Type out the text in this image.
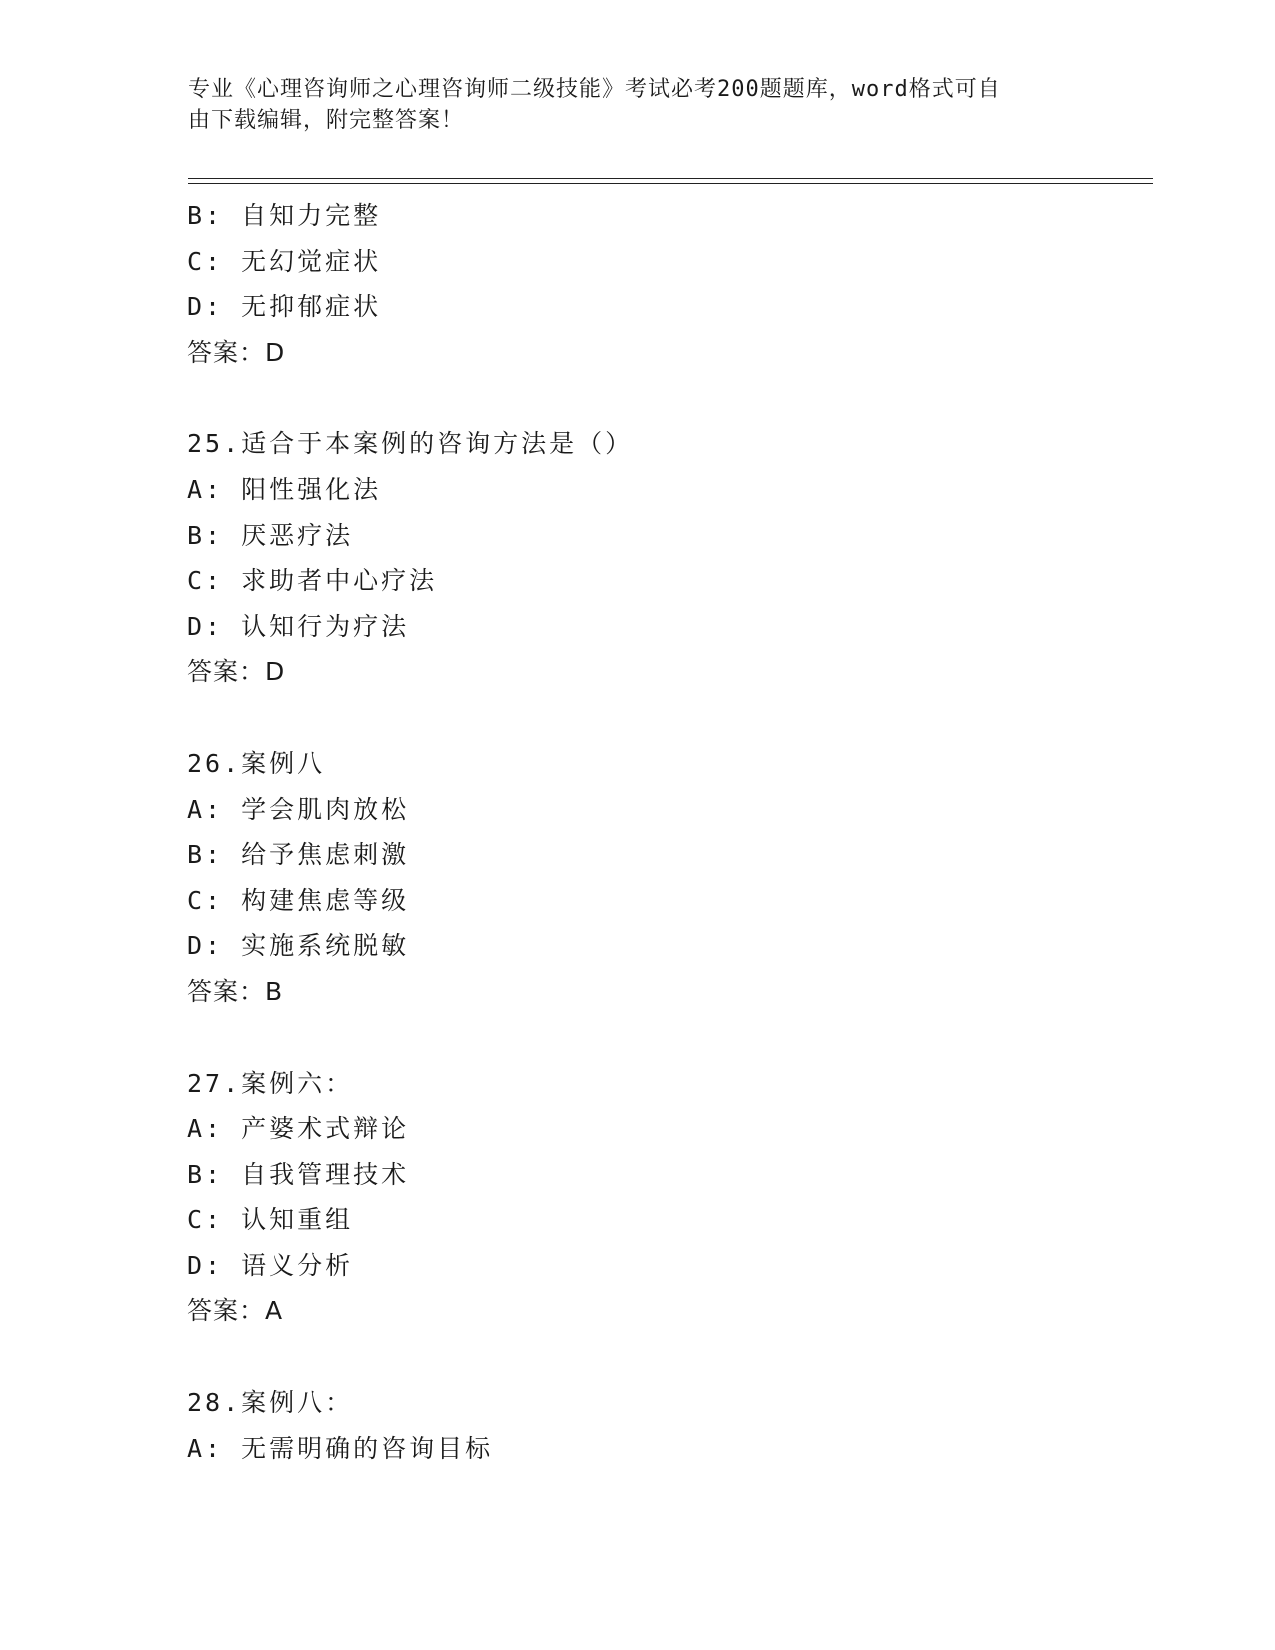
专业《心理咨询师之心理咨询师二级技能》考试必考200题题库，word格式可自
由下载编辑，附完整答案！
B: 自知力完整
C: 无幻觉症状
D: 无抑郁症状
答案：D
25.适合于本案例的咨询方法是（）
A: 阳性强化法
B: 厌恶疗法
C: 求助者中心疗法
D: 认知行为疗法
答案：D
26.案例八
A: 学会肌肉放松
B: 给予焦虑刺激
C: 构建焦虑等级
D: 实施系统脱敏
答案：B
27.案例六：
A: 产婆术式辩论
B: 自我管理技术
C: 认知重组
D: 语义分析
答案：A
28.案例八：
A: 无需明确的咨询目标
